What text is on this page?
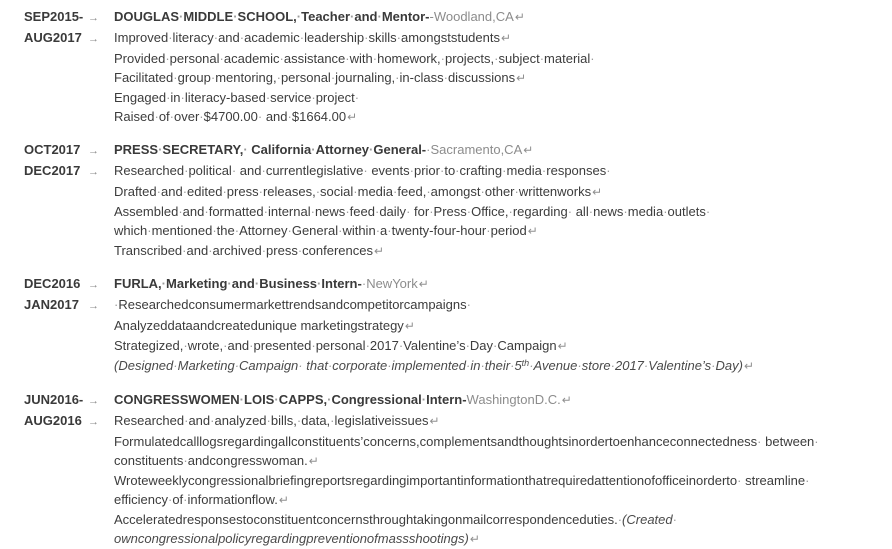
SEP2015- →	DOUGLAS·MIDDLE·SCHOOL,·Teacher·and·Mentor--Woodland,CA↵
AUG2017 →	Improved·literacy·and·academic·leadership·skills·amongststudents↵
Provided·personal·academic·assistance·with·homework,·projects,·subject·material·
Facilitated·group·mentoring,·personal·journaling,·in-class·discussions↵
Engaged·in·literacy-based·service·project·
Raised·of·over·$4700.00· and·$1664.00↵
OCT2017 →	PRESS·SECRETARY,· California·Attorney·General-·Sacramento,CA↵
DEC2017 →	Researched·political· and·currentlegislative· events·prior·to·crafting·media·responses·
Drafted·and·edited·press·releases,·social·media·feed,·amongst·other·writtenworks↵
Assembled·and·formatted·internal·news·feed·daily· for·Press·Office,·regarding· all·news·media·outlets·
which·mentioned·the·Attorney·General·within·a·twenty-four-hour·period↵
Transcribed·and·archived·press·conferences↵
DEC2016 →	FURLA,·Marketing·and·Business·Intern-·NewYork↵
JAN2017 →	·Researchedconsumermarkettrendsandcompetitorcampaigns·
Analyzeddataandcreatedunique marketingstrategy↵
Strategized,·wrote,·and·presented·personal·2017·Valentine’s·Day·Campaign↵
(Designed·Marketing·Campaign· that·corporate·implemented·in·their·5th·Avenue·store·2017·Valentine’s·Day)↵
JUN2016- →	CONGRESSWOMEN·LOIS·CAPPS,·Congressional·Intern-WashingtonD.C.↵
AUG2016 →	Researched·and·analyzed·bills,·data,·legislativeissues↵
Formulatedcalllogsregardingallconstituents’concerns,complementsandthoughtsinordertoenhanceconnectedness· between·
constituents·andcongresswoman.↵
Wroteweeklycongressionalbriefingreportsregardingimportantinformationthatrequiredattentionofofficeinorderto· streamline·
efficiency·of·informationflow.↵
Acceleratedresponsestoconstituentconcernsthroughtakingonmailcorrespondenceduties.·(Created·
owncongressionalpolicyregardingpreventionofmassshootings)↵
